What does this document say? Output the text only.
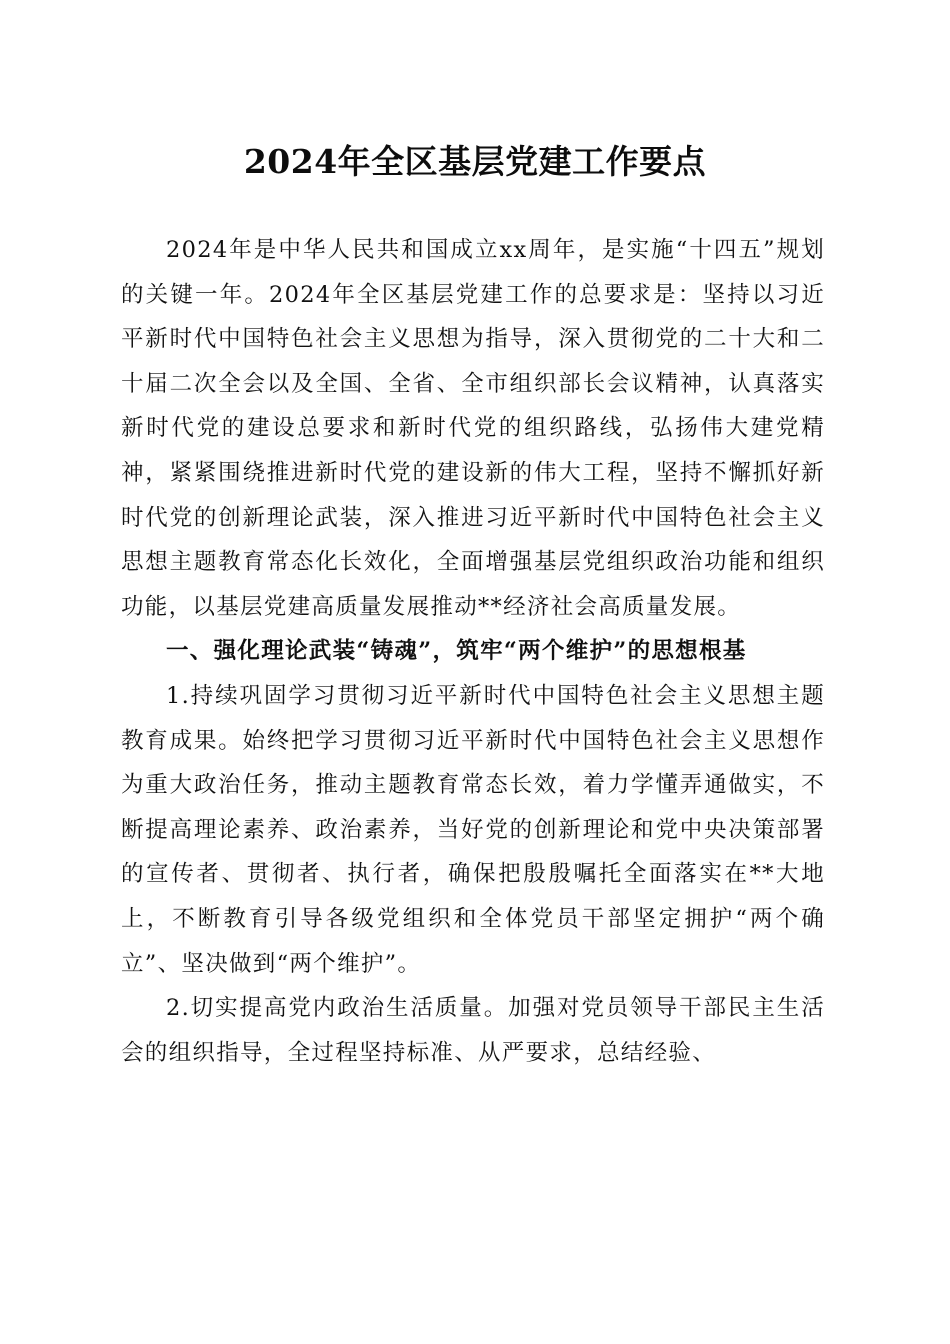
2024年全区基层党建工作要点

2024年是中华人民共和国成立xx周年，是实施“十四五”规划的关键一年。2024年全区基层党建工作的总要求是：坚持以习近平新时代中国特色社会主义思想为指导，深入贯彻党的二十大和二十届二次全会以及全国、全省、全市组织部长会议精神，认真落实新时代党的建设总要求和新时代党的组织路线，弘扬伟大建党精神，紧紧围绕推进新时代党的建设新的伟大工程，坚持不懈抓好新时代党的创新理论武装，深入推进习近平新时代中国特色社会主义思想主题教育常态化长效化，全面增强基层党组织政治功能和组织功能，以基层党建高质量发展推动**经济社会高质量发展。

一、强化理论武装“铸魂”，筑牢“两个维护”的思想根基

1.持续巩固学习贯彻习近平新时代中国特色社会主义思想主题教育成果。始终把学习贯彻习近平新时代中国特色社会主义思想作为重大政治任务，推动主题教育常态长效，着力学懂弄通做实，不断提高理论素养、政治素养，当好党的创新理论和党中央决策部署的宣传者、贯彻者、执行者，确保把殷殷嘱托全面落实在**大地上，不断教育引导各级党组织和全体党员干部坚定拥护“两个确立”、坚决做到“两个维护”。

2.切实提高党内政治生活质量。加强对党员领导干部民主生活会的组织指导，全过程坚持标准、从严要求，总结经验、
